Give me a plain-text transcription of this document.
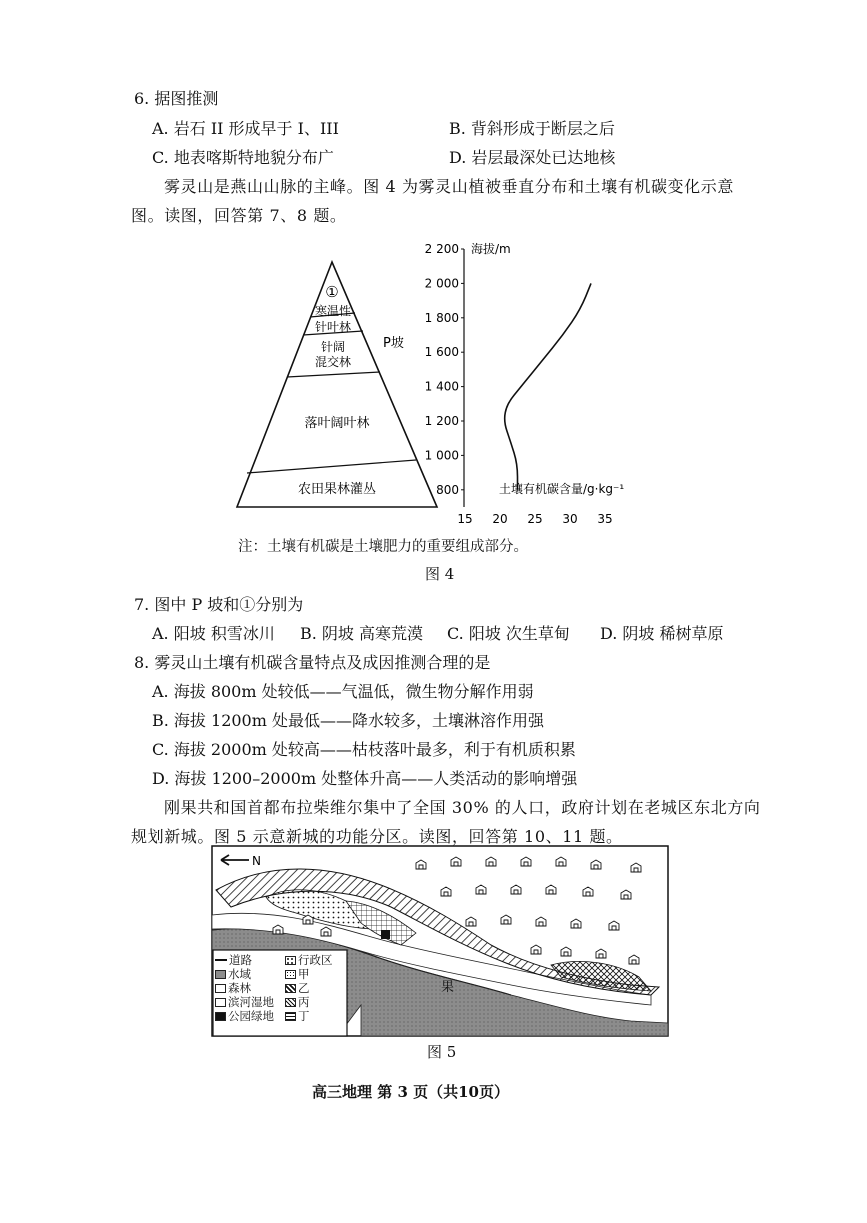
6. 据图推测
A. 岩石 II 形成早于 I、III	B. 背斜形成于断层之后
C. 地表喀斯特地貌分布广	D. 岩层最深处已达地核
雾灵山是燕山山脉的主峰。图 4 为雾灵山植被垂直分布和土壤有机碳变化示意
图。读图，回答第 7、8 题。
①
寒温性
针叶林
针阔
混交林
落叶阔叶林
农田果林灌丛
P坡
海拔/m
2 200
2 000
1 800
1 600
1 400
1 200
1 000
800	土壤有机碳含量/g·kg⁻¹
15 20 25 30 35
注：土壤有机碳是土壤肥力的重要组成部分。
图 4
7. 图中 P 坡和①分别为
A. 阳坡 积雪冰川 B. 阴坡 高寒荒漠 C. 阳坡 次生草甸 D. 阴坡 稀树草原
8. 雾灵山土壤有机碳含量特点及成因推测合理的是
A. 海拔 800m 处较低——气温低，微生物分解作用弱
B. 海拔 1200m 处最低——降水较多，土壤淋溶作用强
C. 海拔 2000m 处较高——枯枝落叶最多，利于有机质积累
D. 海拔 1200–2000m 处整体升高——人类活动的影响增强
刚果共和国首都布拉柴维尔集中了全国 30% 的人口，政府计划在老城区东北方向
规划新城。图 5 示意新城的功能分区。读图，回答第 10、11 题。
N
果
道路
水域
森林
滨河湿地
公园绿地
行政区
甲
乙
丙
丁
图 5
高三地理 第 3 页（共10页）
